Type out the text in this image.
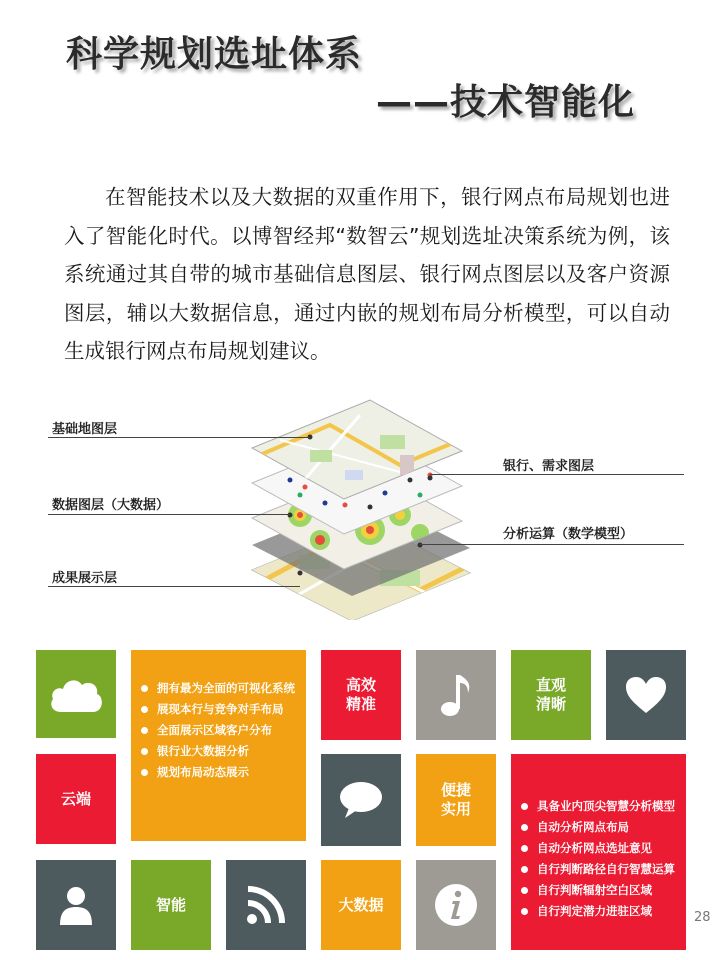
科学规划选址体系
——技术智能化
在智能技术以及大数据的双重作用下，银行网点布局规划也进入了智能化时代。以博智经邦“数智云”规划选址决策系统为例，该系统通过其自带的城市基础信息图层、银行网点图层以及客户资源图层，辅以大数据信息，通过内嵌的规划布局分析模型，可以自动生成银行网点布局规划建议。
基础地图层
数据图层（大数据）
成果展示层
银行、需求图层
分析运算（数学模型）
拥有最为全面的可视化系统
展现本行与竞争对手布局
全面展示区域客户分布
银行业大数据分析
规划布局动态展示
高效
精准
直观
清晰
云端	便捷
实用	具备业内顶尖智慧分析模型
自动分析网点布局
自动分析网点选址意见
自行判断路径自行智慧运算
自行判断辐射空白区域
自行判定潜力进驻区域
智能	大数据
28
